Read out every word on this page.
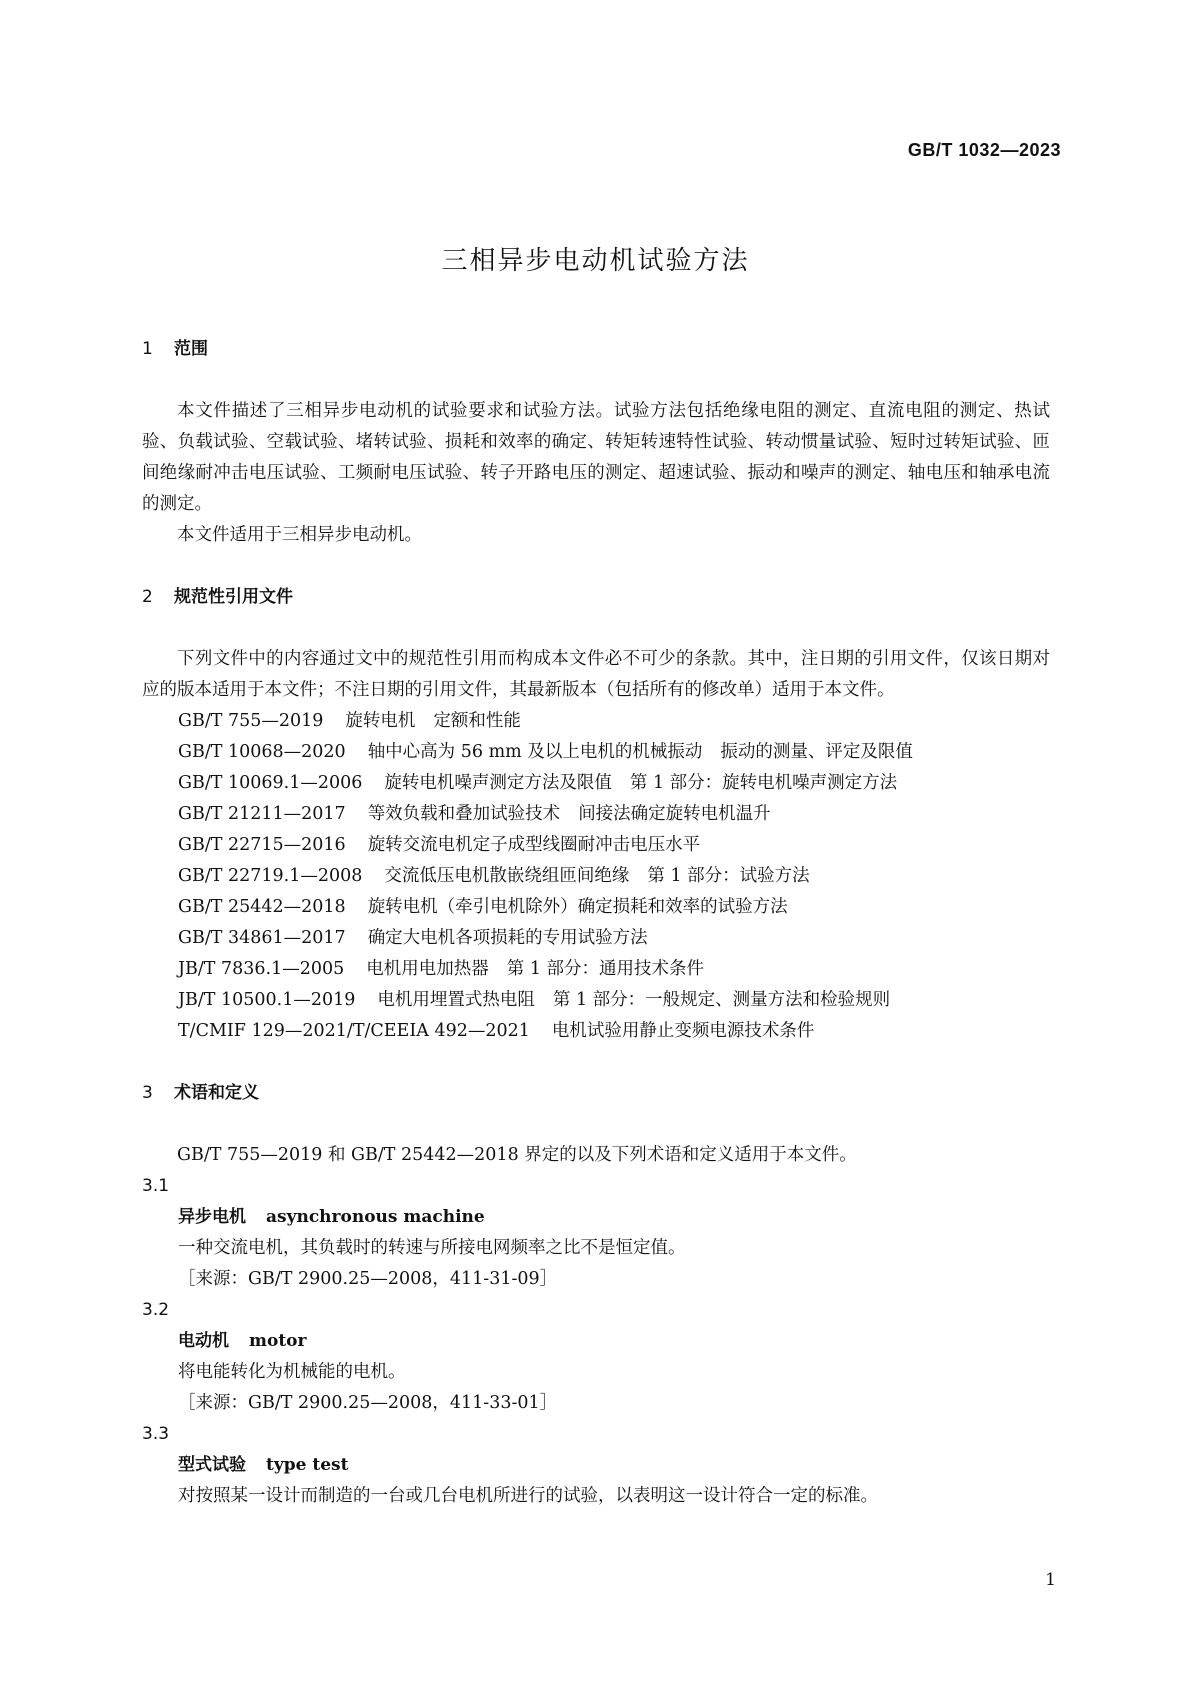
GB/T 1032—2023
三相异步电动机试验方法
1 范围

本文件描述了三相异步电动机的试验要求和试验方法。试验方法包括绝缘电阻的测定、直流电阻的测定、热试验、负载试验、空载试验、堵转试验、损耗和效率的确定、转矩转速特性试验、转动惯量试验、短时过转矩试验、匝间绝缘耐冲击电压试验、工频耐电压试验、转子开路电压的测定、超速试验、振动和噪声的测定、轴电压和轴承电流的测定。

本文件适用于三相异步电动机。

2 规范性引用文件

下列文件中的内容通过文中的规范性引用而构成本文件必不可少的条款。其中，注日期的引用文件，仅该日期对应的版本适用于本文件；不注日期的引用文件，其最新版本（包括所有的修改单）适用于本文件。

GB/T 755—2019 旋转电机 定额和性能

GB/T 10068—2020 轴中心高为 56 mm 及以上电机的机械振动 振动的测量、评定及限值

GB/T 10069.1—2006 旋转电机噪声测定方法及限值 第 1 部分：旋转电机噪声测定方法

GB/T 21211—2017 等效负载和叠加试验技术 间接法确定旋转电机温升

GB/T 22715—2016 旋转交流电机定子成型线圈耐冲击电压水平

GB/T 22719.1—2008 交流低压电机散嵌绕组匝间绝缘 第 1 部分：试验方法

GB/T 25442—2018 旋转电机（牵引电机除外）确定损耗和效率的试验方法

GB/T 34861—2017 确定大电机各项损耗的专用试验方法

JB/T 7836.1—2005 电机用电加热器 第 1 部分：通用技术条件

JB/T 10500.1—2019 电机用埋置式热电阻 第 1 部分：一般规定、测量方法和检验规则

T/CMIF 129—2021/T/CEEIA 492—2021 电机试验用静止变频电源技术条件

3 术语和定义

GB/T 755—2019 和 GB/T 25442—2018 界定的以及下列术语和定义适用于本文件。

3.1
异步电机 asynchronous machine
一种交流电机，其负载时的转速与所接电网频率之比不是恒定值。
［来源：GB/T 2900.25—2008，411-31-09］
3.2
电动机 motor
将电能转化为机械能的电机。
［来源：GB/T 2900.25—2008，411-33-01］
3.3
型式试验 type test
对按照某一设计而制造的一台或几台电机所进行的试验，以表明这一设计符合一定的标准。
1
